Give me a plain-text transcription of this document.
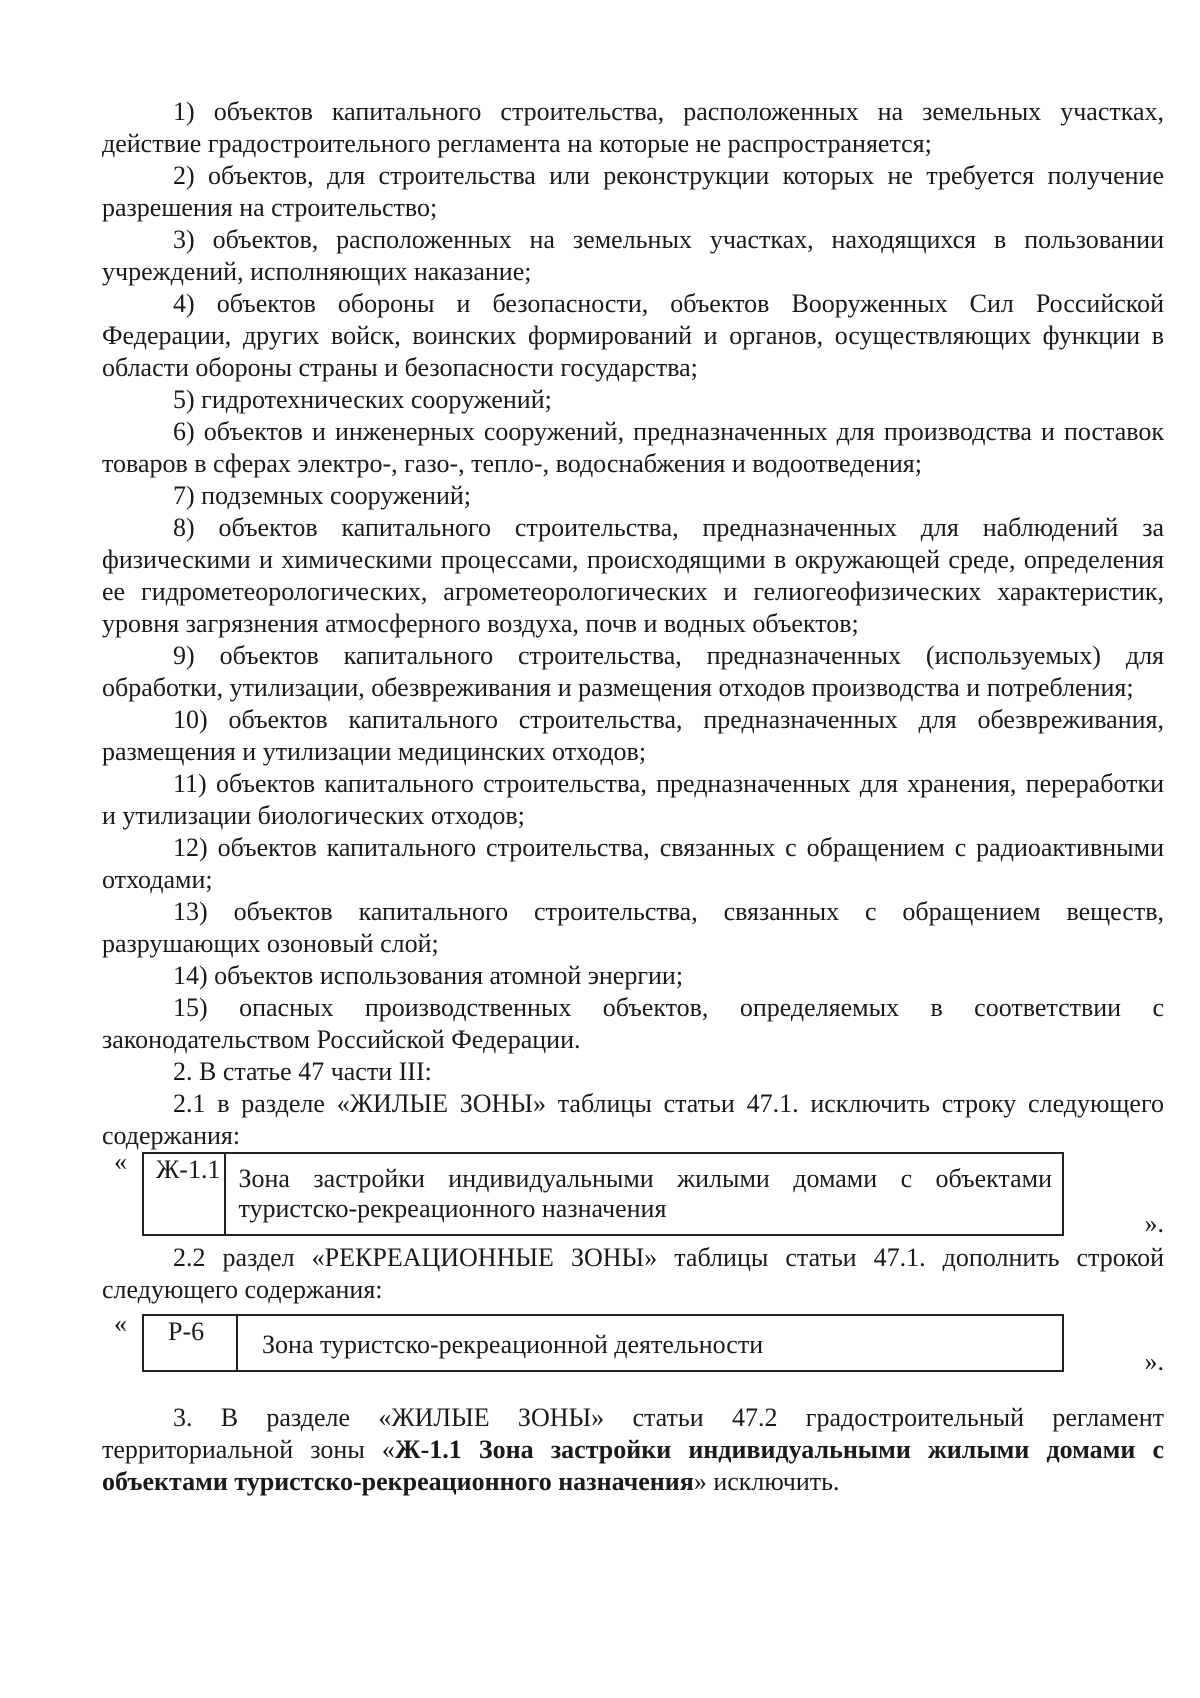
1) объектов капитального строительства, расположенных на земельных участках, действие градостроительного регламента на которые не распространяется;

2) объектов, для строительства или реконструкции которых не требуется получение разрешения на строительство;

3) объектов, расположенных на земельных участках, находящихся в пользовании учреждений, исполняющих наказание;

4) объектов обороны и безопасности, объектов Вооруженных Сил Российской Федерации, других войск, воинских формирований и органов, осуществляющих функции в области обороны страны и безопасности государства;

5) гидротехнических сооружений;

6) объектов и инженерных сооружений, предназначенных для производства и поставок товаров в сферах электро-, газо-, тепло-, водоснабжения и водоотведения;

7) подземных сооружений;

8) объектов капитального строительства, предназначенных для наблюдений за физическими и химическими процессами, происходящими в окружающей среде, определения ее гидрометеорологических, агрометеорологических и гелиогеофизических характеристик, уровня загрязнения атмосферного воздуха, почв и водных объектов;

9) объектов капитального строительства, предназначенных (используемых) для обработки, утилизации, обезвреживания и размещения отходов производства и потребления;

10) объектов капитального строительства, предназначенных для обезвреживания, размещения и утилизации медицинских отходов;

11) объектов капитального строительства, предназначенных для хранения, переработки и утилизации биологических отходов;

12) объектов капитального строительства, связанных с обращением с радиоактивными отходами;

13) объектов капитального строительства, связанных с обращением веществ, разрушающих озоновый слой;

14) объектов использования атомной энергии;

15) опасных производственных объектов, определяемых в соответствии с законодательством Российской Федерации.

2. В статье 47 части III:

2.1 в разделе «ЖИЛЫЕ ЗОНЫ» таблицы статьи 47.1. исключить строку следующего содержания:

«	Ж-1.1 Зона застройки индивидуальными жилыми домами с объектами туристско-рекреационного назначения
».

2.2 раздел «РЕКРЕАЦИОННЫЕ ЗОНЫ» таблицы статьи 47.1. дополнить строкой следующего содержания:

«	Р-6	Зона туристско-рекреационной деятельности
».

3. В разделе «ЖИЛЫЕ ЗОНЫ» статьи 47.2 градостроительный регламент территориальной зоны «Ж-1.1 Зона застройки индивидуальными жилыми домами с объектами туристско-рекреационного назначения» исключить.
